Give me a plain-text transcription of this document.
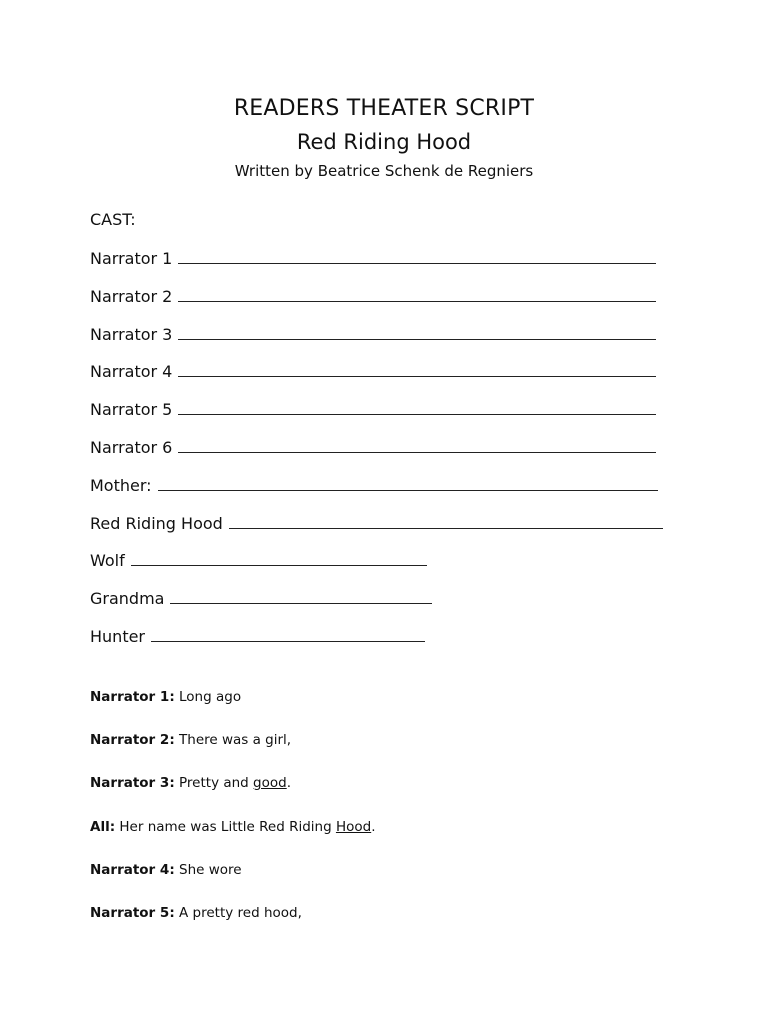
READERS THEATER SCRIPT
Red Riding Hood

Written by Beatrice Schenk de Regniers

CAST:
Narrator 1
Narrator 2
Narrator 3
Narrator 4
Narrator 5
Narrator 6
Mother:
Red Riding Hood
Wolf
Grandma
Hunter
Narrator 1: Long ago
Narrator 2: There was a girl,
Narrator 3: Pretty and good.
All: Her name was Little Red Riding Hood.
Narrator 4: She wore
Narrator 5: A pretty red hood,
